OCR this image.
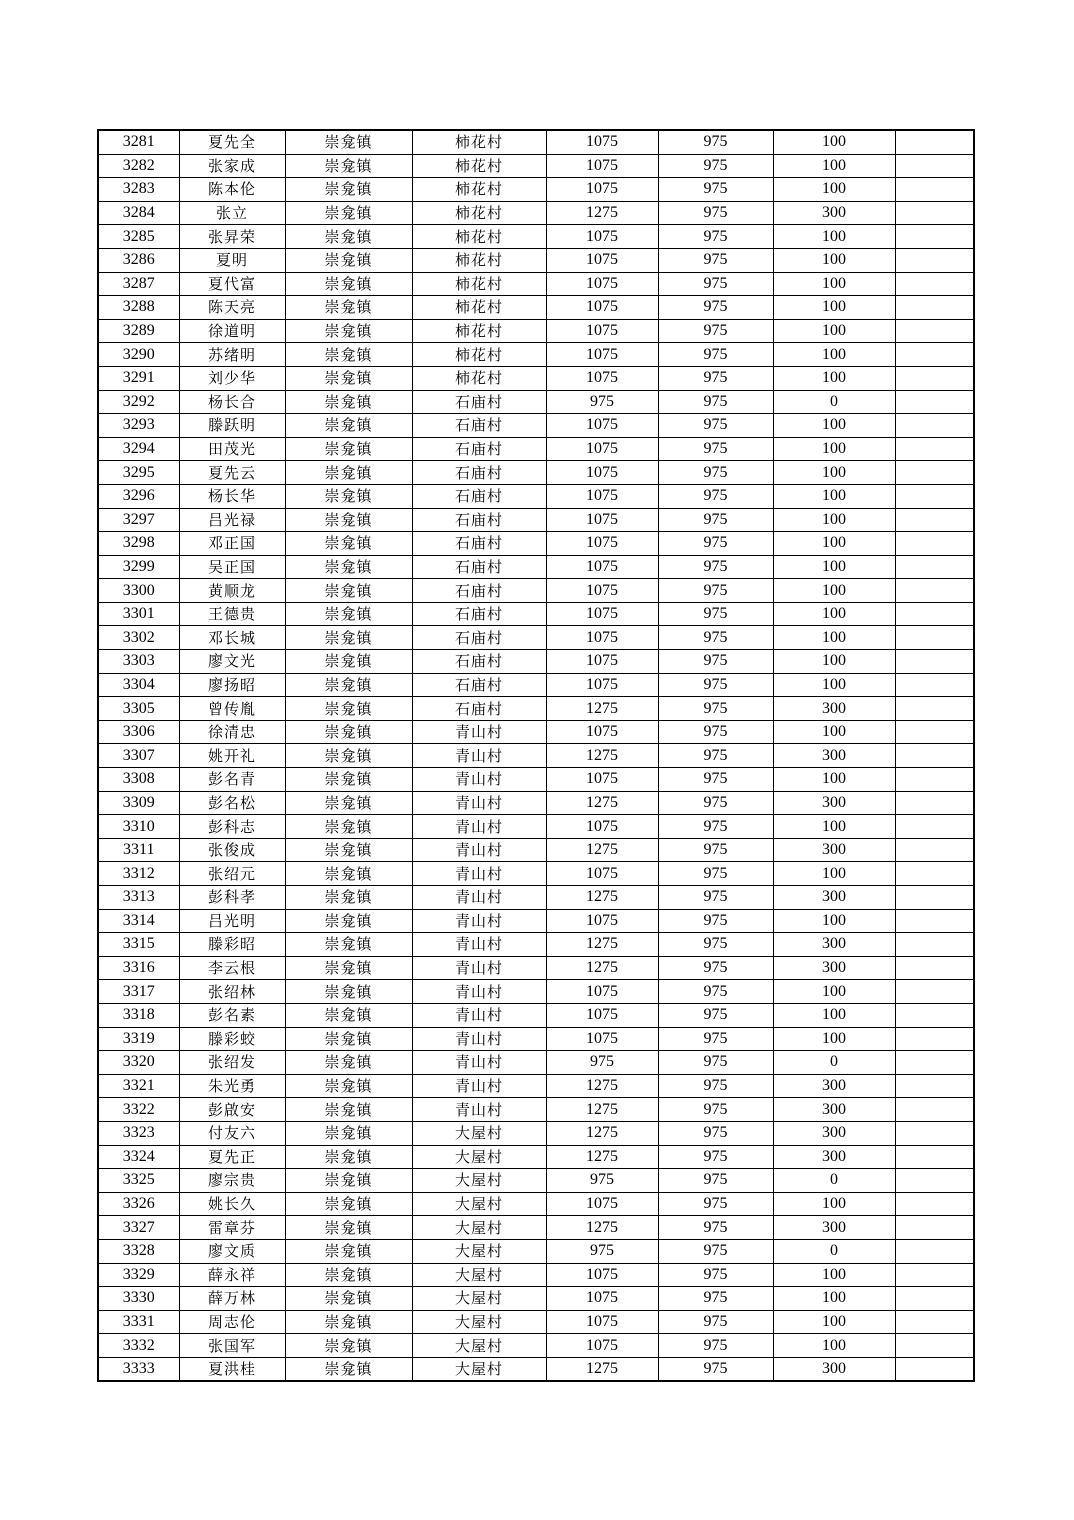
3281	夏先全	崇龛镇	柿花村	1075	975	100	
3282	张家成	崇龛镇	柿花村	1075	975	100	
3283	陈本伦	崇龛镇	柿花村	1075	975	100	
3284	张立	崇龛镇	柿花村	1275	975	300	
3285	张昇荣	崇龛镇	柿花村	1075	975	100	
3286	夏明	崇龛镇	柿花村	1075	975	100	
3287	夏代富	崇龛镇	柿花村	1075	975	100	
3288	陈天亮	崇龛镇	柿花村	1075	975	100	
3289	徐道明	崇龛镇	柿花村	1075	975	100	
3290	苏绪明	崇龛镇	柿花村	1075	975	100	
3291	刘少华	崇龛镇	柿花村	1075	975	100	
3292	杨长合	崇龛镇	石庙村	975	975	0	
3293	滕跃明	崇龛镇	石庙村	1075	975	100	
3294	田茂光	崇龛镇	石庙村	1075	975	100	
3295	夏先云	崇龛镇	石庙村	1075	975	100	
3296	杨长华	崇龛镇	石庙村	1075	975	100	
3297	吕光禄	崇龛镇	石庙村	1075	975	100	
3298	邓正国	崇龛镇	石庙村	1075	975	100	
3299	吴正国	崇龛镇	石庙村	1075	975	100	
3300	黄顺龙	崇龛镇	石庙村	1075	975	100	
3301	王德贵	崇龛镇	石庙村	1075	975	100	
3302	邓长城	崇龛镇	石庙村	1075	975	100	
3303	廖文光	崇龛镇	石庙村	1075	975	100	
3304	廖扬昭	崇龛镇	石庙村	1075	975	100	
3305	曾传胤	崇龛镇	石庙村	1275	975	300	
3306	徐清忠	崇龛镇	青山村	1075	975	100	
3307	姚开礼	崇龛镇	青山村	1275	975	300	
3308	彭名青	崇龛镇	青山村	1075	975	100	
3309	彭名松	崇龛镇	青山村	1275	975	300	
3310	彭科志	崇龛镇	青山村	1075	975	100	
3311	张俊成	崇龛镇	青山村	1275	975	300	
3312	张绍元	崇龛镇	青山村	1075	975	100	
3313	彭科孝	崇龛镇	青山村	1275	975	300	
3314	吕光明	崇龛镇	青山村	1075	975	100	
3315	滕彩昭	崇龛镇	青山村	1275	975	300	
3316	李云根	崇龛镇	青山村	1275	975	300	
3317	张绍林	崇龛镇	青山村	1075	975	100	
3318	彭名素	崇龛镇	青山村	1075	975	100	
3319	滕彩蛟	崇龛镇	青山村	1075	975	100	
3320	张绍发	崇龛镇	青山村	975	975	0	
3321	朱光勇	崇龛镇	青山村	1275	975	300	
3322	彭啟安	崇龛镇	青山村	1275	975	300	
3323	付友六	崇龛镇	大屋村	1275	975	300	
3324	夏先正	崇龛镇	大屋村	1275	975	300	
3325	廖宗贵	崇龛镇	大屋村	975	975	0	
3326	姚长久	崇龛镇	大屋村	1075	975	100	
3327	雷章芬	崇龛镇	大屋村	1275	975	300	
3328	廖文质	崇龛镇	大屋村	975	975	0	
3329	薛永祥	崇龛镇	大屋村	1075	975	100	
3330	薛万林	崇龛镇	大屋村	1075	975	100	
3331	周志伦	崇龛镇	大屋村	1075	975	100	
3332	张国军	崇龛镇	大屋村	1075	975	100	
3333	夏洪桂	崇龛镇	大屋村	1275	975	300	
